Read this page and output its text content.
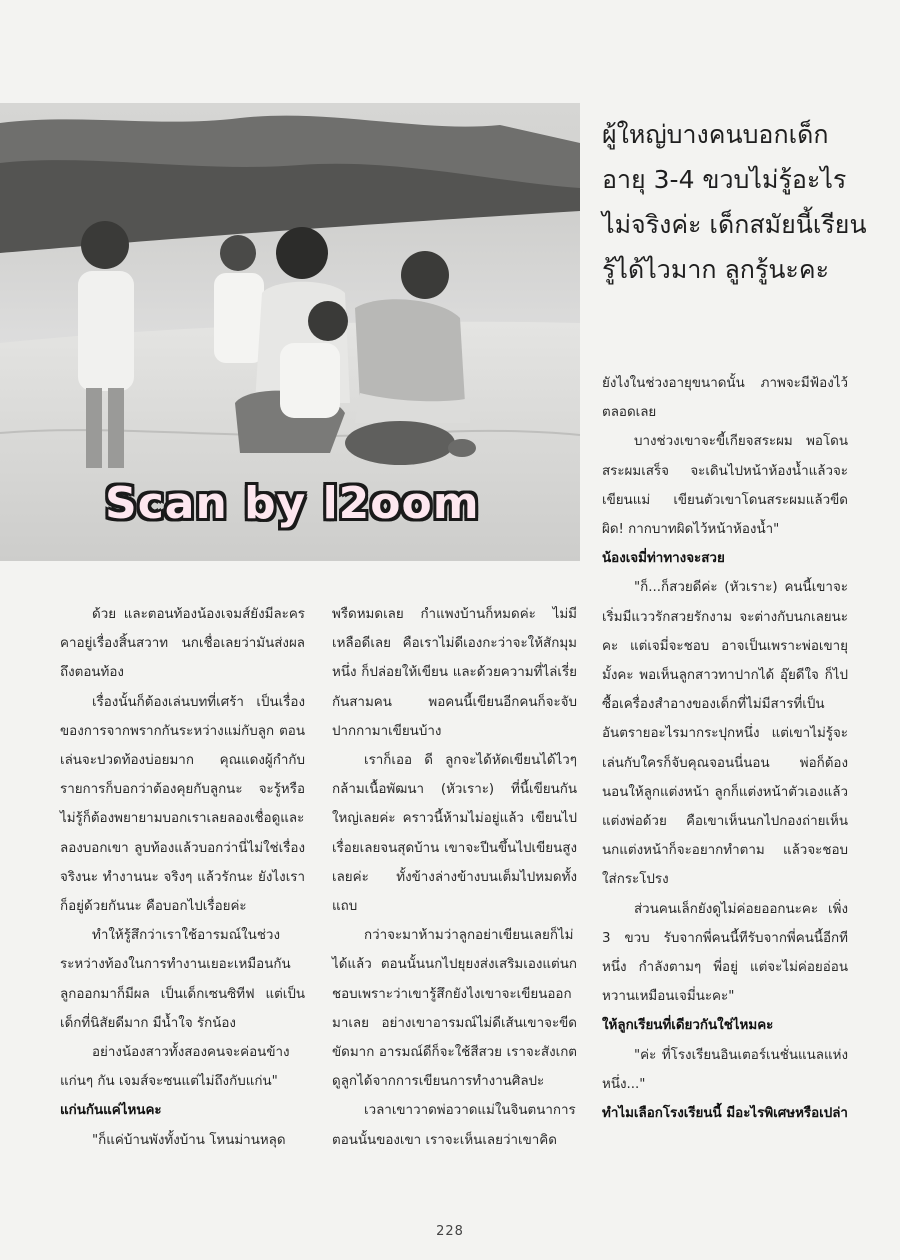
Scan by l2oom
ผู้ใหญ่บางคนบอกเด็กอายุ 3-4 ขวบไม่รู้อะไร ไม่จริงค่ะ เด็กสมัยนี้เรียนรู้ได้ไวมาก ลูกรู้นะคะ

ด้วย และตอนท้องน้องเจมส์ยังมีละครคาอยู่เรื่องสิ้นสวาท นกเชื่อเลยว่ามันส่งผลถึงตอนท้อง

เรื่องนั้นก็ต้องเล่นบทที่เศร้า เป็นเรื่องของการจากพรากกันระหว่างแม่กับลูก ตอนเล่นจะปวดท้องบ่อยมาก คุณแดงผู้กำกับรายการก็บอกว่าต้องคุยกับลูกนะ จะรู้หรือไม่รู้ก็ต้องพยายามบอกเราเลยลองเชื่อดูและลองบอกเขา ลูบท้องแล้วบอกว่านี่ไม่ใช่เรื่องจริงนะ ทำงานนะ จริงๆ แล้วรักนะ ยังไงเราก็อยู่ด้วยกันนะ คือบอกไปเรื่อยค่ะ

ทำให้รู้สึกว่าเราใช้อารมณ์ในช่วงระหว่างท้องในการทำงานเยอะเหมือนกัน ลูกออกมาก็มีผล เป็นเด็กเซนซิทีฟ แต่เป็นเด็กที่นิสัยดีมาก มีน้ำใจ รักน้อง

อย่างน้องสาวทั้งสองคนจะค่อนข้างแก่นๆ กัน เจมส์จะซนแต่ไม่ถึงกับแก่น"

แก่นกันแค่ไหนคะ

"ก็แค่บ้านพังทั้งบ้าน โหนม่านหลุด

พรืดหมดเลย กำแพงบ้านก็หมดค่ะ ไม่มีเหลือดีเลย คือเราไม่ดีเองกะว่าจะให้สักมุมหนึ่ง ก็ปล่อยให้เขียน และด้วยความที่ไล่เรี่ยกันสามคน พอคนนี้เขียนอีกคนก็จะจับปากกามาเขียนบ้าง

เราก็เออ ดี ลูกจะได้หัดเขียนได้ไวๆ กล้ามเนื้อพัฒนา (หัวเราะ) ที่นี้เขียนกันใหญ่เลยค่ะ คราวนี้ห้ามไม่อยู่แล้ว เขียนไปเรื่อยเลยจนสุดบ้าน เขาจะปีนขึ้นไปเขียนสูงเลยค่ะ ทั้งข้างล่างข้างบนเต็มไปหมดทั้งแถบ

กว่าจะมาห้ามว่าลูกอย่าเขียนเลยก็ไม่ได้แล้ว ตอนนั้นนกไปยุยงส่งเสริมเองแต่นกชอบเพราะว่าเขารู้สึกยังไงเขาจะเขียนออกมาเลย อย่างเขาอารมณ์ไม่ดีเส้นเขาจะขีดขัดมาก อารมณ์ดีก็จะใช้สีสวย เราจะสังเกตดูลูกได้จากการเขียนการทำงานศิลปะ

เวลาเขาวาดพ่อวาดแม่ในจินตนาการตอนนั้นของเขา เราจะเห็นเลยว่าเขาคิด

ยังไงในช่วงอายุขนาดนั้น ภาพจะมีฟ้องไว้ตลอดเลย

บางช่วงเขาจะขี้เกียจสระผม พอโดนสระผมเสร็จ จะเดินไปหน้าห้องน้ำแล้วจะเขียนแม่ เขียนตัวเขาโดนสระผมแล้วขีดผิด! กากบาทผิดไว้หน้าห้องน้ำ"

น้องเจมี่ท่าทางจะสวย

"ก็...ก็สวยดีค่ะ (หัวเราะ) คนนี้เขาจะเริ่มมีแววรักสวยรักงาม จะต่างกับนกเลยนะคะ แต่เจมี่จะชอบ อาจเป็นเพราะพ่อเขายุมั้งคะ พอเห็นลูกสาวทาปากได้ อุ๊ยดีใจ ก็ไปซื้อเครื่องสำอางของเด็กที่ไม่มีสารที่เป็นอันตรายอะไรมากระปุกหนึ่ง แต่เขาไม่รู้จะเล่นกับใครก็จับคุณจอนนี่นอน พ่อก็ต้องนอนให้ลูกแต่งหน้า ลูกก็แต่งหน้าตัวเองแล้วแต่งพ่อด้วย คือเขาเห็นนกไปกองถ่ายเห็นนกแต่งหน้าก็จะอยากทำตาม แล้วจะชอบใส่กระโปรง

ส่วนคนเล็กยังดูไม่ค่อยออกนะคะ เพิ่ง 3 ขวบ รับจากพี่คนนี้ทีรับจากพี่คนนี้อีกทีหนึ่ง กำลังตามๆ พี่อยู่ แต่จะไม่ค่อยอ่อนหวานเหมือนเจมี่นะคะ"

ให้ลูกเรียนที่เดียวกันใช่ไหมคะ

"ค่ะ ที่โรงเรียนอินเตอร์เนชั่นแนลแห่งหนึ่ง..."

ทำไมเลือกโรงเรียนนี้ มีอะไรพิเศษหรือเปล่า

228
